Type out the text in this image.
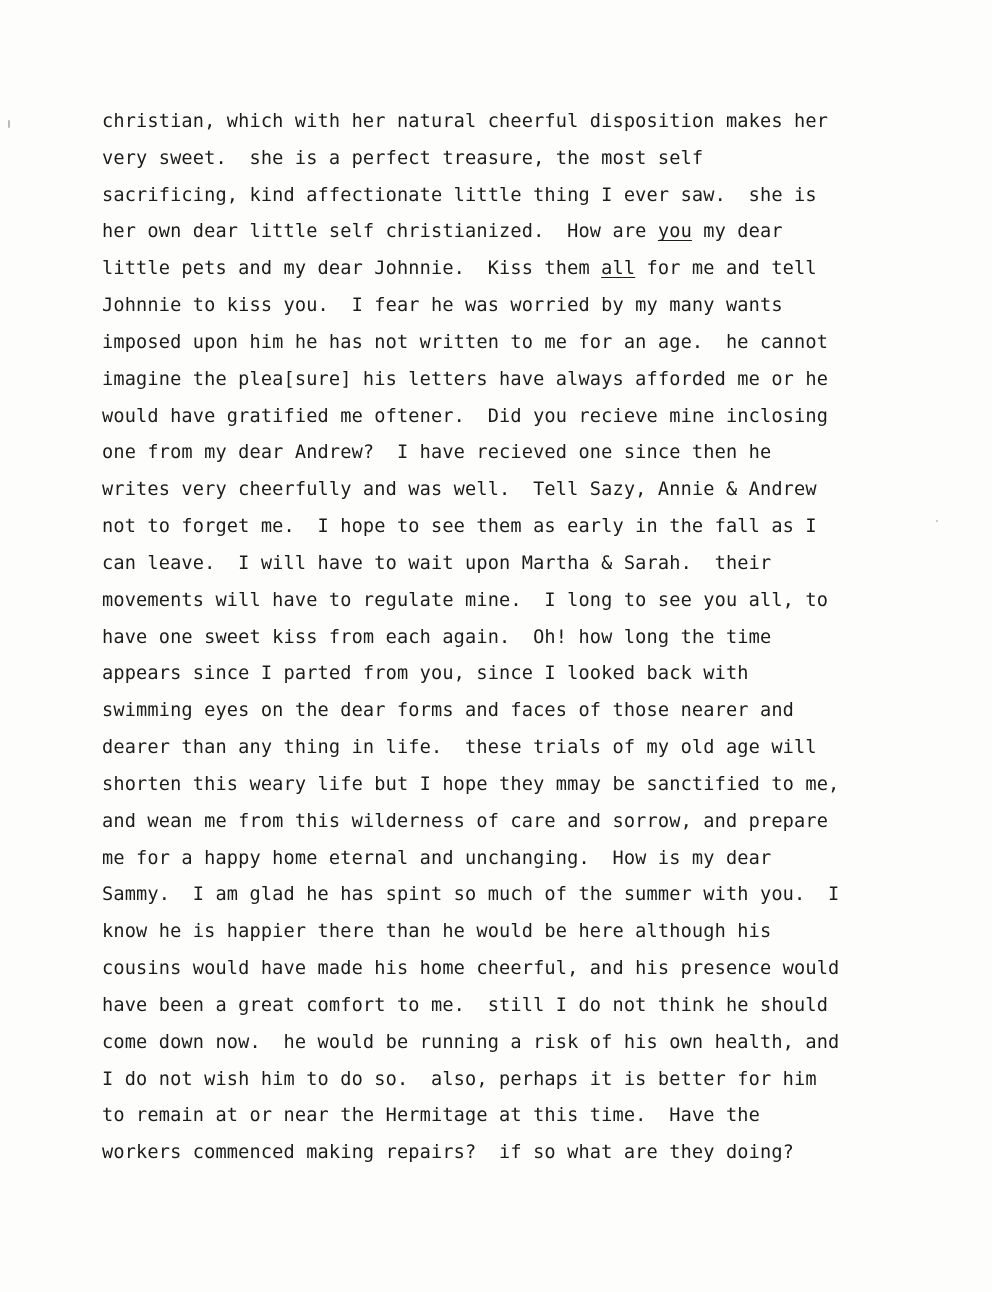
christian, which with her natural cheerful disposition makes her
very sweet.  she is a perfect treasure, the most self
sacrificing, kind affectionate little thing I ever saw.  she is
her own dear little self christianized.  How are you my dear
little pets and my dear Johnnie.  Kiss them all for me and tell
Johnnie to kiss you.  I fear he was worried by my many wants
imposed upon him he has not written to me for an age.  he cannot
imagine the plea[sure] his letters have always afforded me or he
would have gratified me oftener.  Did you recieve mine inclosing
one from my dear Andrew?  I have recieved one since then he
writes very cheerfully and was well.  Tell Sazy, Annie & Andrew
not to forget me.  I hope to see them as early in the fall as I
can leave.  I will have to wait upon Martha & Sarah.  their
movements will have to regulate mine.  I long to see you all, to
have one sweet kiss from each again.  Oh! how long the time
appears since I parted from you, since I looked back with
swimming eyes on the dear forms and faces of those nearer and
dearer than any thing in life.  these trials of my old age will
shorten this weary life but I hope they mmay be sanctified to me,
and wean me from this wilderness of care and sorrow, and prepare
me for a happy home eternal and unchanging.  How is my dear
Sammy.  I am glad he has spint so much of the summer with you.  I
know he is happier there than he would be here although his
cousins would have made his home cheerful, and his presence would
have been a great comfort to me.  still I do not think he should
come down now.  he would be running a risk of his own health, and
I do not wish him to do so.  also, perhaps it is better for him
to remain at or near the Hermitage at this time.  Have the
workers commenced making repairs?  if so what are they doing?
